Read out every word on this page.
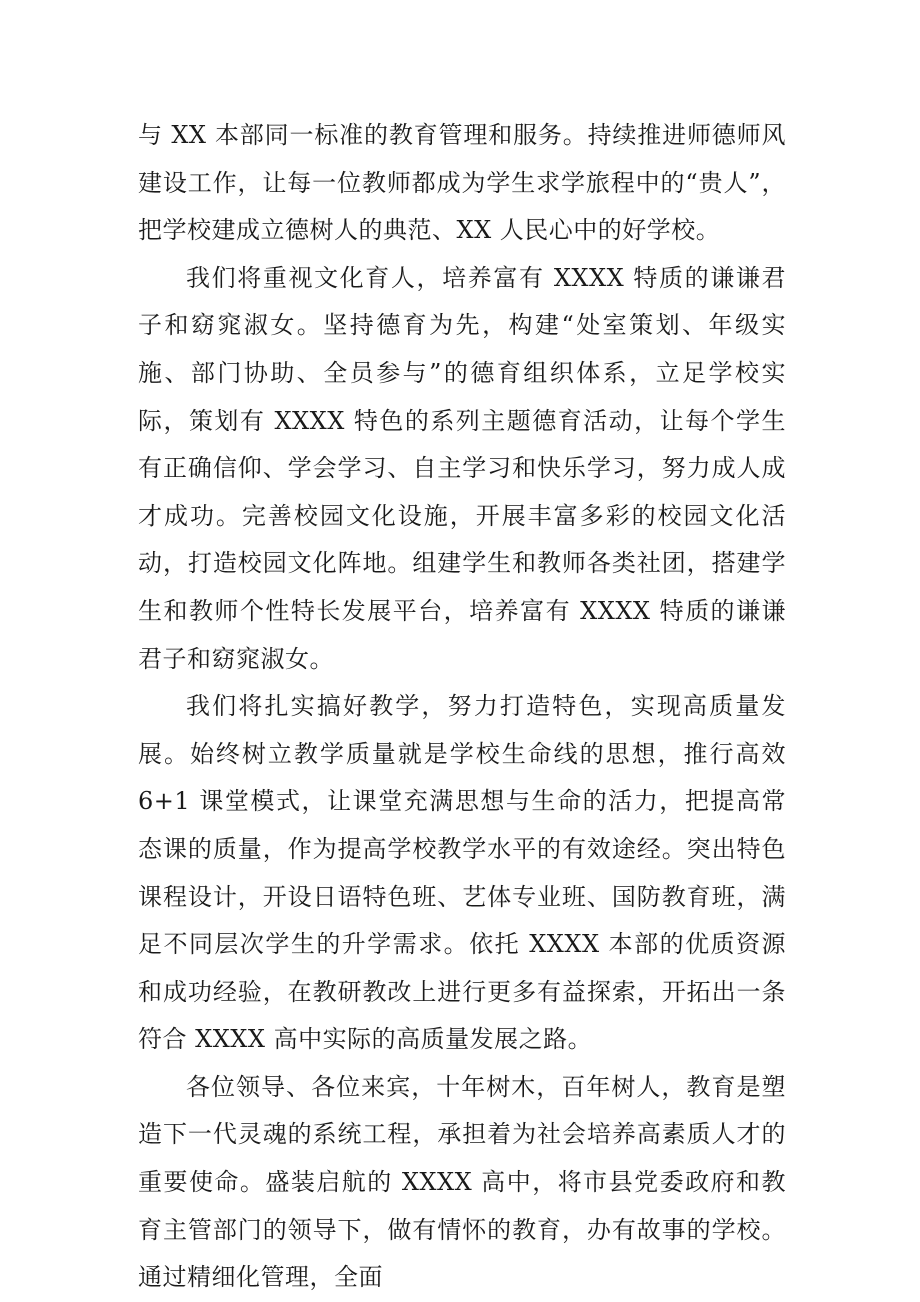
与 XX 本部同一标准的教育管理和服务。持续推进师德师风建设工作，让每一位教师都成为学生求学旅程中的“贵人”，把学校建成立德树人的典范、XX 人民心中的好学校。

我们将重视文化育人，培养富有 XXXX 特质的谦谦君子和窈窕淑女。坚持德育为先，构建“处室策划、年级实施、部门协助、全员参与”的德育组织体系，立足学校实际，策划有 XXXX 特色的系列主题德育活动，让每个学生有正确信仰、学会学习、自主学习和快乐学习，努力成人成才成功。完善校园文化设施，开展丰富多彩的校园文化活动，打造校园文化阵地。组建学生和教师各类社团，搭建学生和教师个性特长发展平台，培养富有 XXXX 特质的谦谦君子和窈窕淑女。

我们将扎实搞好教学，努力打造特色，实现高质量发展。始终树立教学质量就是学校生命线的思想，推行高效 6+1 课堂模式，让课堂充满思想与生命的活力，把提高常态课的质量，作为提高学校教学水平的有效途经。突出特色课程设计，开设日语特色班、艺体专业班、国防教育班，满足不同层次学生的升学需求。依托 XXXX 本部的优质资源和成功经验，在教研教改上进行更多有益探索，开拓出一条符合 XXXX 高中实际的高质量发展之路。

各位领导、各位来宾，十年树木，百年树人，教育是塑造下一代灵魂的系统工程，承担着为社会培养高素质人才的重要使命。盛装启航的 XXXX 高中，将市县党委政府和教育主管部门的领导下，做有情怀的教育，办有故事的学校。通过精细化管理，全面
